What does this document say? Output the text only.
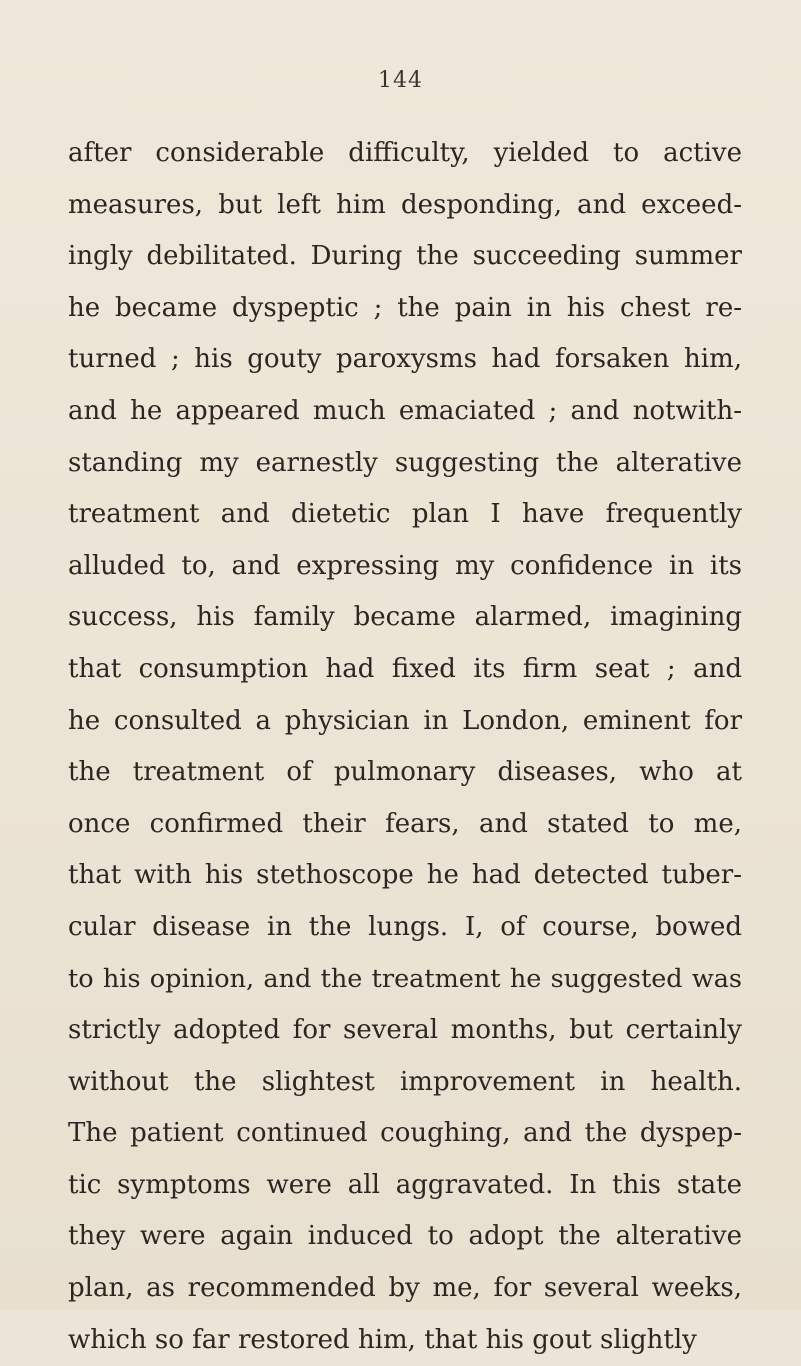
144
after considerable difficulty, yielded to active
measures, but left him desponding, and exceed-
ingly debilitated. During the succeeding summer
he became dyspeptic ; the pain in his chest re-
turned ; his gouty paroxysms had forsaken him,
and he appeared much emaciated ; and notwith-
standing my earnestly suggesting the alterative
treatment and dietetic plan I have frequently
alluded to, and expressing my confidence in its
success, his family became alarmed, imagining
that consumption had fixed its firm seat ; and
he consulted a physician in London, eminent for
the treatment of pulmonary diseases, who at
once confirmed their fears, and stated to me,
that with his stethoscope he had detected tuber-
cular disease in the lungs. I, of course, bowed
to his opinion, and the treatment he suggested was
strictly adopted for several months, but certainly
without the slightest improvement in health.
The patient continued coughing, and the dyspep-
tic symptoms were all aggravated. In this state
they were again induced to adopt the alterative
plan, as recommended by me, for several weeks,
which so far restored him, that his gout slightly
